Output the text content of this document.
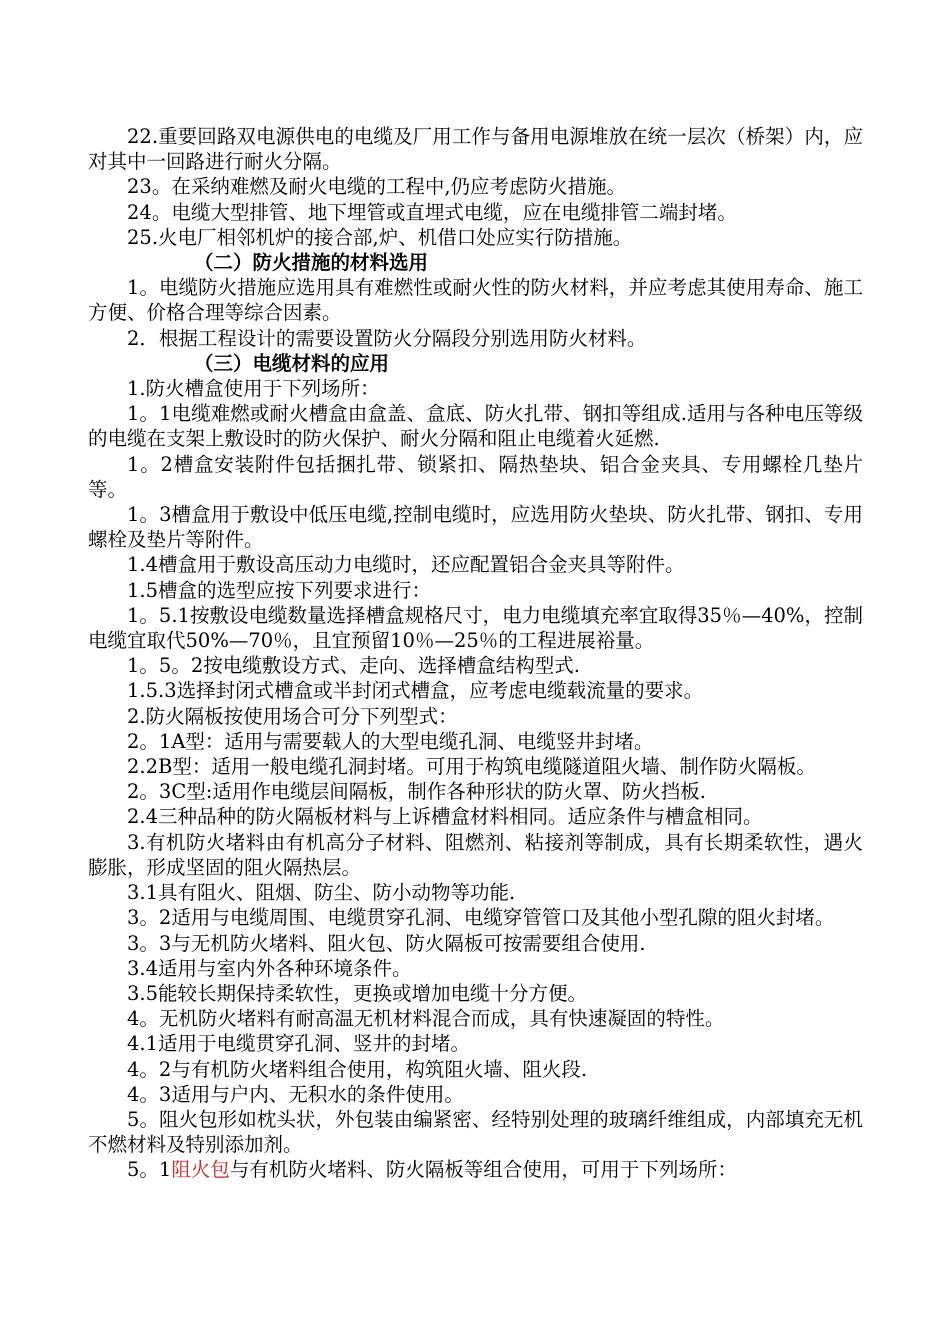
22.重要回路双电源供电的电缆及厂用工作与备用电源堆放在统一层次（桥架）内，应对其中一回路进行耐火分隔。

23。在采纳难燃及耐火电缆的工程中,仍应考虑防火措施。

24。电缆大型排管、地下埋管或直埋式电缆，应在电缆排管二端封堵。

25.火电厂相邻机炉的接合部,炉、机借口处应实行防措施。

（二）防火措施的材料选用

1。电缆防火措施应选用具有难燃性或耐火性的防火材料，并应考虑其使用寿命、施工方便、价格合理等综合因素。

2．根据工程设计的需要设置防火分隔段分别选用防火材料。

（三）电缆材料的应用

1.防火槽盒使用于下列场所：

1。1电缆难燃或耐火槽盒由盒盖、盒底、防火扎带、钢扣等组成.适用与各种电压等级的电缆在支架上敷设时的防火保护、耐火分隔和阻止电缆着火延燃.

1。2槽盒安装附件包括捆扎带、锁紧扣、隔热垫块、铝合金夹具、专用螺栓几垫片等。

1。3槽盒用于敷设中低压电缆,控制电缆时，应选用防火垫块、防火扎带、钢扣、专用螺栓及垫片等附件。

1.4槽盒用于敷设高压动力电缆时，还应配置铝合金夹具等附件。

1.5槽盒的选型应按下列要求进行：

1。5.1按敷设电缆数量选择槽盒规格尺寸，电力电缆填充率宜取得35％—40%，控制电缆宜取代50%—70％，且宜预留10％—25％的工程进展裕量。

1。5。2按电缆敷设方式、走向、选择槽盒结构型式.

1.5.3选择封闭式槽盒或半封闭式槽盒，应考虑电缆载流量的要求。

2.防火隔板按使用场合可分下列型式：

2。1A型：适用与需要载人的大型电缆孔洞、电缆竖井封堵。

2.2B型：适用一般电缆孔洞封堵。可用于构筑电缆隧道阻火墙、制作防火隔板。

2。3C型:适用作电缆层间隔板，制作各种形状的防火罩、防火挡板.

2.4三种品种的防火隔板材料与上诉槽盒材料相同。适应条件与槽盒相同。

3.有机防火堵料由有机高分子材料、阻燃剂、粘接剂等制成，具有长期柔软性，遇火膨胀，形成坚固的阻火隔热层。

3.1具有阻火、阻烟、防尘、防小动物等功能.

3。2适用与电缆周围、电缆贯穿孔洞、电缆穿管管口及其他小型孔隙的阻火封堵。

3。3与无机防火堵料、阻火包、防火隔板可按需要组合使用.

3.4适用与室内外各种环境条件。

3.5能较长期保持柔软性，更换或增加电缆十分方便。

4。无机防火堵料有耐高温无机材料混合而成，具有快速凝固的特性。

4.1适用于电缆贯穿孔洞、竖井的封堵。

4。2与有机防火堵料组合使用，构筑阻火墙、阻火段.

4。3适用与户内、无积水的条件使用。

5。阻火包形如枕头状，外包装由编紧密、经特别处理的玻璃纤维组成，内部填充无机不燃材料及特别添加剂。

5。1阻火包与有机防火堵料、防火隔板等组合使用，可用于下列场所：
